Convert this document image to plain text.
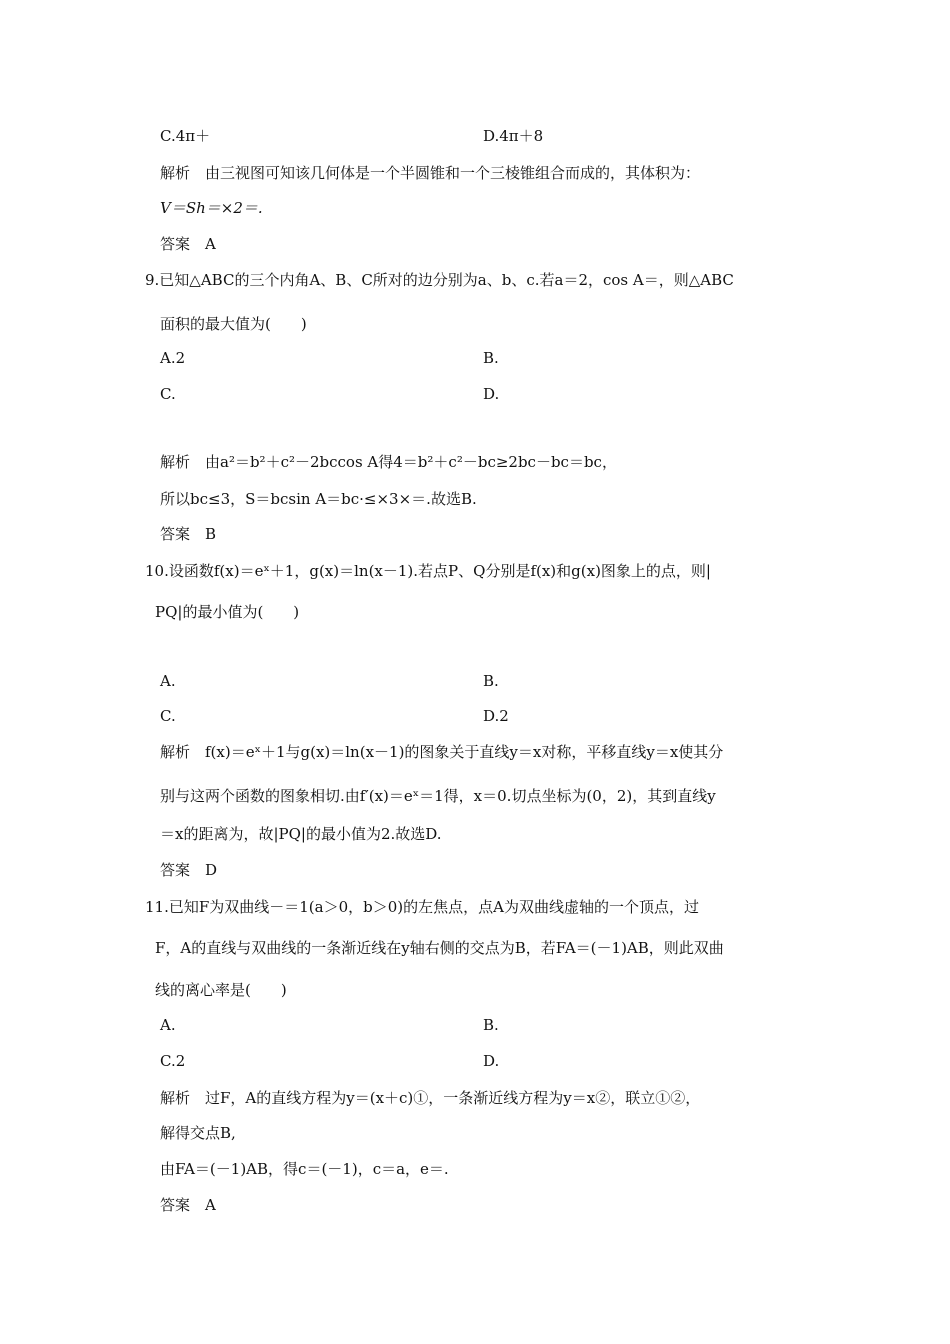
C.4π＋	D.4π＋8
解析　由三视图可知该几何体是一个半圆锥和一个三棱锥组合而成的，其体积为：
V＝Sh＝×2＝.
答案　A
9.已知△ABC的三个内角A、B、C所对的边分别为a、b、c.若a＝2，cos A＝，则△ABC
面积的最大值为(　　)
A.2	B.
C.	D.
解析　由a²＝b²＋c²－2bccos A得4＝b²＋c²－bc≥2bc－bc＝bc，
所以bc≤3，S＝bcsin A＝bc·≤×3×＝.故选B.
答案　B
10.设函数f(x)＝eˣ＋1，g(x)＝ln(x－1).若点P、Q分别是f(x)和g(x)图象上的点，则|
PQ|的最小值为(　　)
A.	B.
C.	D.2
解析　f(x)＝eˣ＋1与g(x)＝ln(x－1)的图象关于直线y＝x对称，平移直线y＝x使其分
别与这两个函数的图象相切.由f′(x)＝eˣ＝1得，x＝0.切点坐标为(0，2)，其到直线y
＝x的距离为，故|PQ|的最小值为2.故选D.
答案　D
11.已知F为双曲线－＝1(a＞0，b＞0)的左焦点，点A为双曲线虚轴的一个顶点，过
F，A的直线与双曲线的一条渐近线在y轴右侧的交点为B，若FA＝(－1)AB，则此双曲
线的离心率是(　　)
A.	B.
C.2	D.
解析　过F，A的直线方程为y＝(x＋c)①，一条渐近线方程为y＝x②，联立①②，
解得交点B,
由FA＝(－1)AB，得c＝(－1)，c＝a，e＝.
答案　A
